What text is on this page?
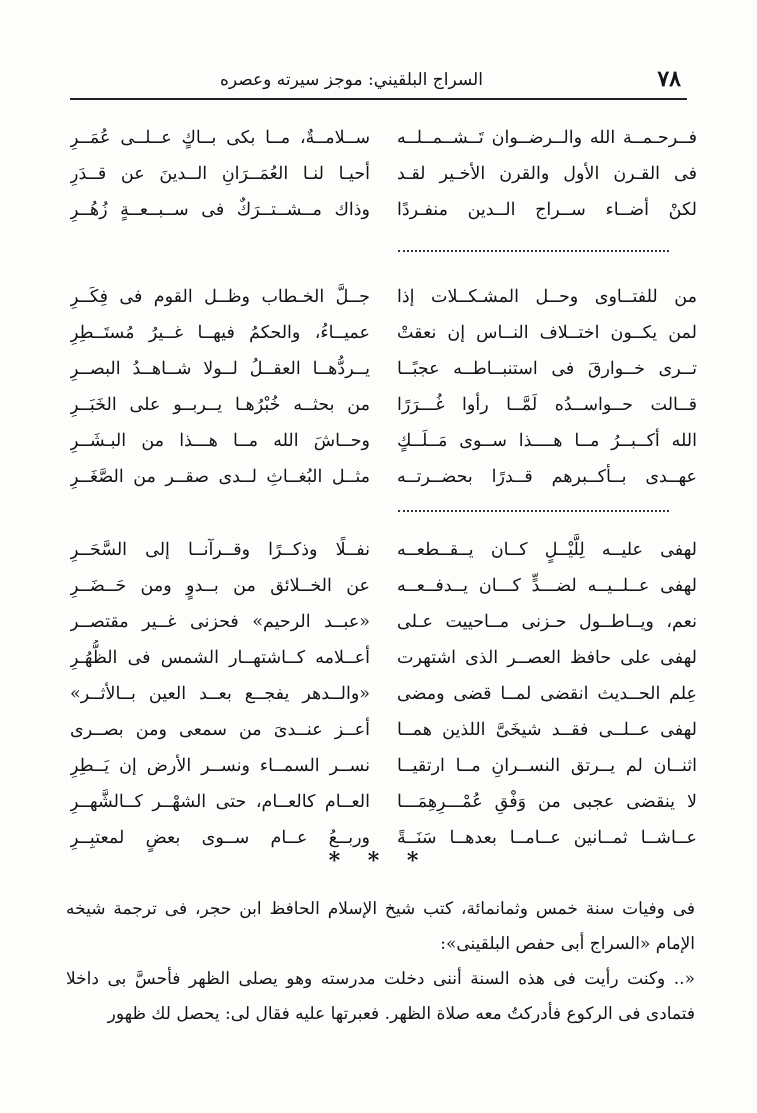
٧٨
السراج البلقيني: موجز سيرته وعصره
فــرحـمــة الله والــرضــوان تَــشــمــلــه
فى القـرن الأول والقرن الأخـير لقـد
لكنْ أضــاء ســراج الــدين منفـردًا
ســلامــةٌ، مــا بكى بــاكٍ عــلــى عُمَــرِ
أحيـا لنـا العُمَــرَانِ الــدينَ عن قــدَرِ
وذاك مــشــتــرَكٌ فى ســبــعــةٍ زُهُــرِ
من للفتــاوى وحــل المشـكــلات إذا
لمن يكــون اختــلاف النــاس إن نعقتْ
تــرى خــوارقَ فى استنبــاطــه عجبًــا
قــالت حــواســدُه لَمَّــا رأوا غُـــرَرًا
الله أكــبــرُ مــا هــــذا ســوى مَــلَــكٍ
عهــدى بــأكــبرهم قــدرًا بحضــرتــه
جــلَّ الخـطاب وظــل القوم فى فِكَــرِ
عميــاءُ، والحكمُ فيهــا غــيرُ مُستَــطِرِ
يــردُّهــا العقــلُ لــولا شــاهــدُ البصــرِ
من بحثــه خُبْرُهـا يــربــو على الخَبَــرِ
وحــاشَ الله مــا هـــذا من البـشَــرِ
مثــل البُغــاثِ لــدى صقــر من الصَّغَــرِ
لهفى عليــه لِلَّيْــلٍ كــان يــقــطعــه
لهفى عــلــيــه لضـــدٍّ كـــان يــدفــعــه
نعم، ويــاطــول حـزنى مــاحييت عـلى
لهفى على حافظ العصــر الذى اشتهرت
عِلم الحــديث انقضى لمــا قضى ومضى
لهفى عــلــى فقــد شيخَىَّ اللذين همــا
اثنــان لم يــرتق النســرانِ مــا ارتقيــا
لا ينقضى عجبى من وَفْقِ عُمْـــرِهِمَـــا
عــاشــا ثمــانين عــامــا بعدهــا سَنَــةً
نفــلًا وذكــرًا وقــرآنــا إلى السَّحَــرِ
عن الخــلائق من بــدوٍ ومن حَــضَــرِ
«عبــد الرحيم» فحزنى غــير مقتصــر
أعــلامه كــاشتهــار الشمس فى الظُّهُـرِ
«والــدهر يفجــع بعــد العين بــالأثــر»
أعــز عنــدىَ من سمعى ومن بصــرى
نســر السمــاء ونســر الأرض إن يَــطِرِ
العــام كالعــام، حتى الشهْــر كــالشَّهــرِ
وربــعُ عــام ســوى بعضٍ لمعتبِــرِ
* * *

فى وفيات سنة خمس وثمانمائة، كتب شيخ الإسلام الحافظ ابن حجر، فى ترجمة شيخه الإمام «السراج أبى حفص البلقينى»:

«.. وكنت رأيت فى هذه السنة أننى دخلت مدرسته وهو يصلى الظهر فأحسَّ بى داخلا فتمادى فى الركوع فأدركتُ معه صلاة الظهر. فعبرتها عليه فقال لى: يحصل لك ظهور
